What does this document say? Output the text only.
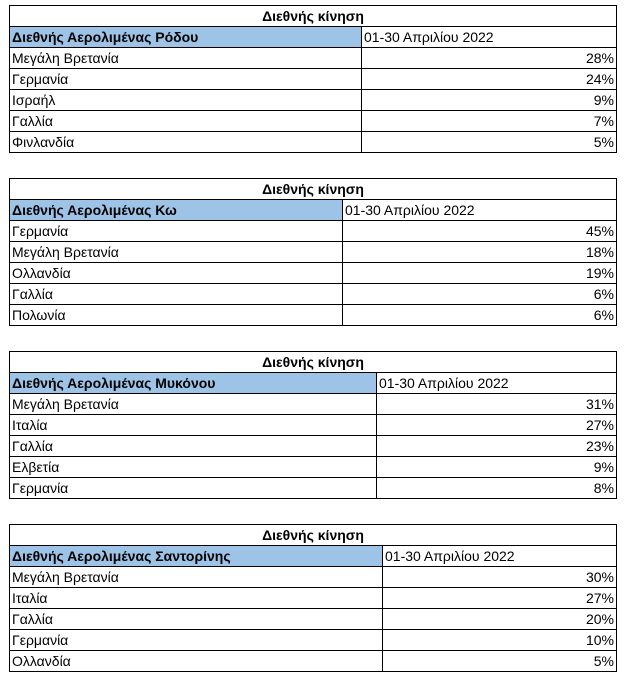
Διεθνής κίνηση	
Διεθνής Αερολιμένας Ρόδου	01-30 Απριλίου 2022
Μεγάλη Βρετανία	28%
Γερμανία	24%
Ισραήλ	9%
Γαλλία	7%
Φινλανδία	5%
Διεθνής κίνηση	
Διεθνής Αερολιμένας Κω	01-30 Απριλίου 2022
Γερμανία	45%
Μεγάλη Βρετανία	18%
Ολλανδία	19%
Γαλλία	6%
Πολωνία	6%
Διεθνής κίνηση	
Διεθνής Αερολιμένας Μυκόνου	01-30 Απριλίου 2022
Μεγάλη Βρετανία	31%
Ιταλία	27%
Γαλλία	23%
Ελβετία	9%
Γερμανία	8%
Διεθνής κίνηση	
Διεθνής Αερολιμένας Σαντορίνης	01-30 Απριλίου 2022
Μεγάλη Βρετανία	30%
Ιταλία	27%
Γαλλία	20%
Γερμανία	10%
Ολλανδία	5%
